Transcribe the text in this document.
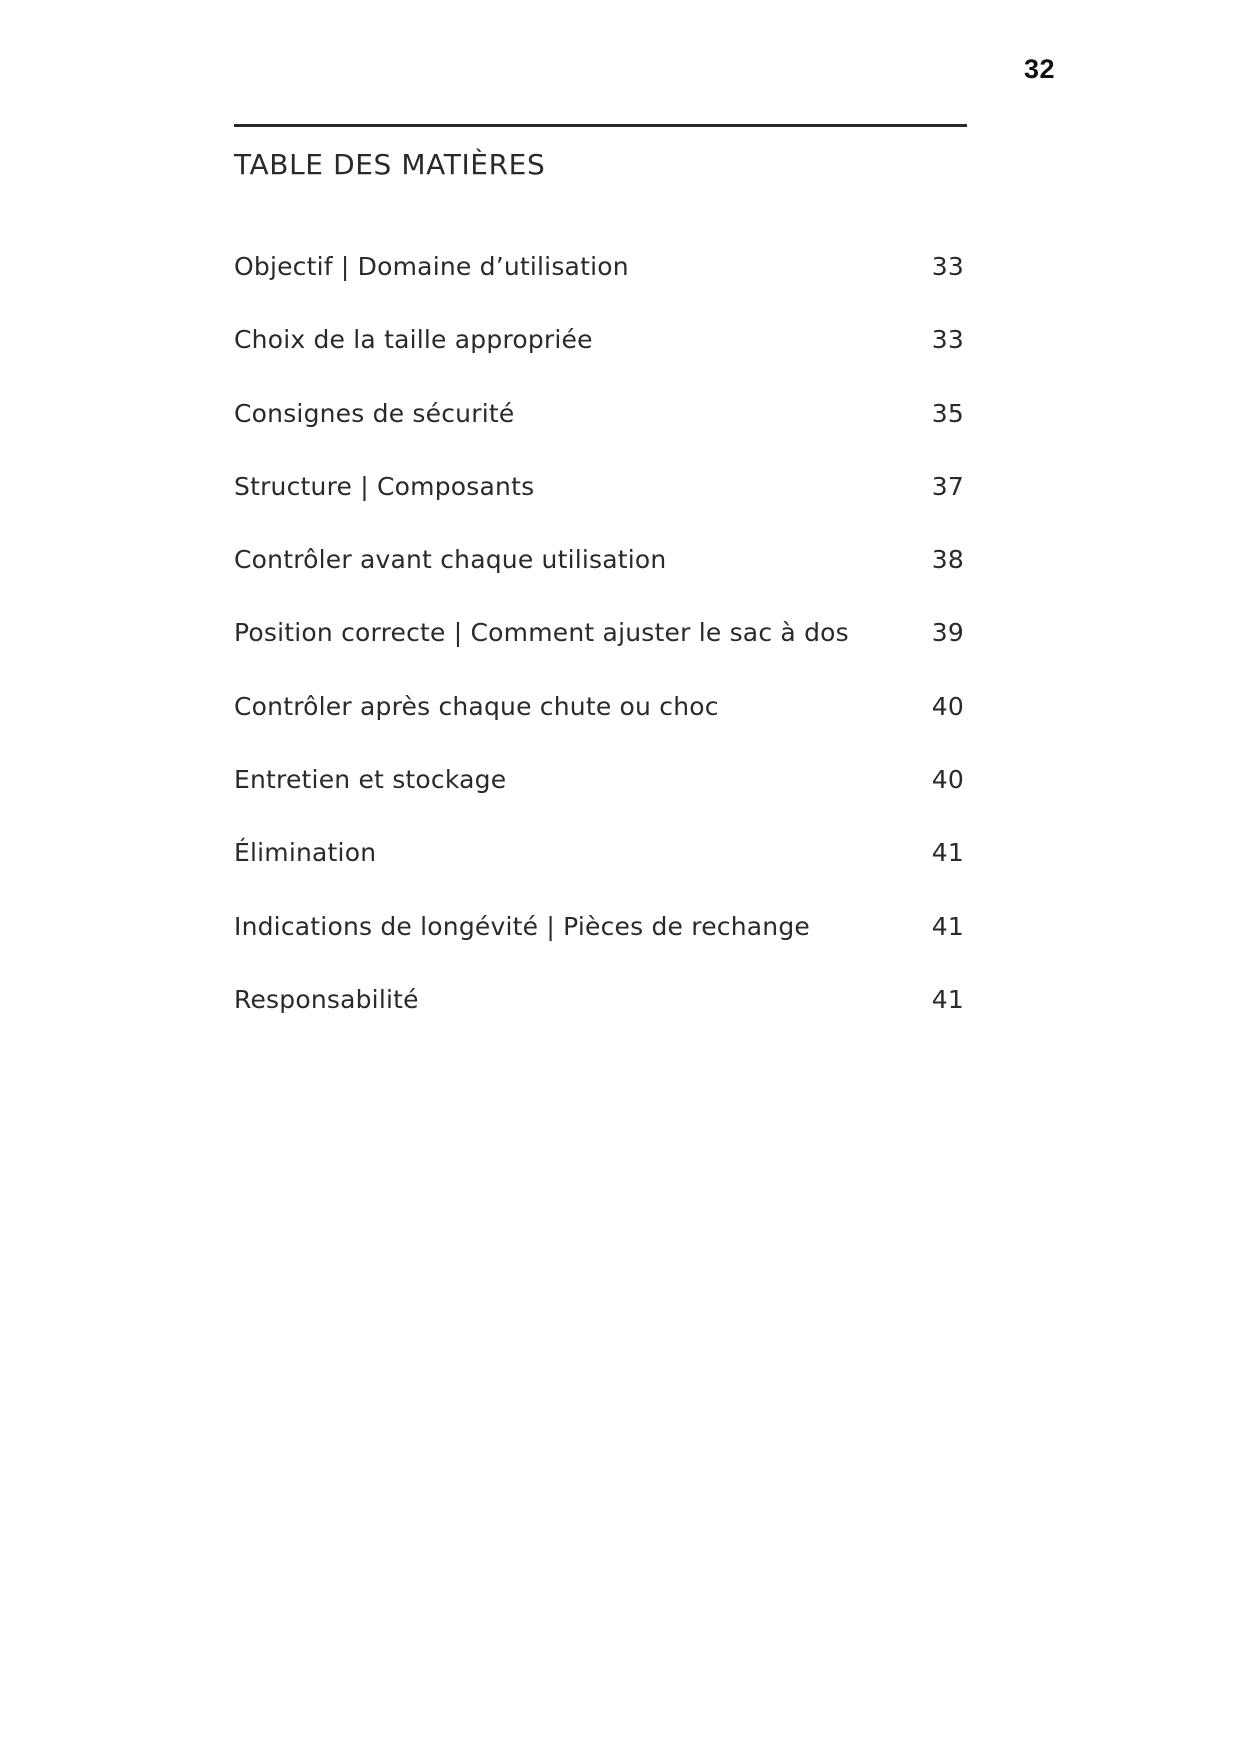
32
TABLE DES MATIÈRES
Objectif | Domaine d’utilisation	33
Choix de la taille appropriée	33
Consignes de sécurité	35
Structure | Composants	37
Contrôler avant chaque utilisation	38
Position correcte | Comment ajuster le sac à dos	39
Contrôler après chaque chute ou choc	40
Entretien et stockage	40
Élimination	41
Indications de longévité | Pièces de rechange	41
Responsabilité	41
